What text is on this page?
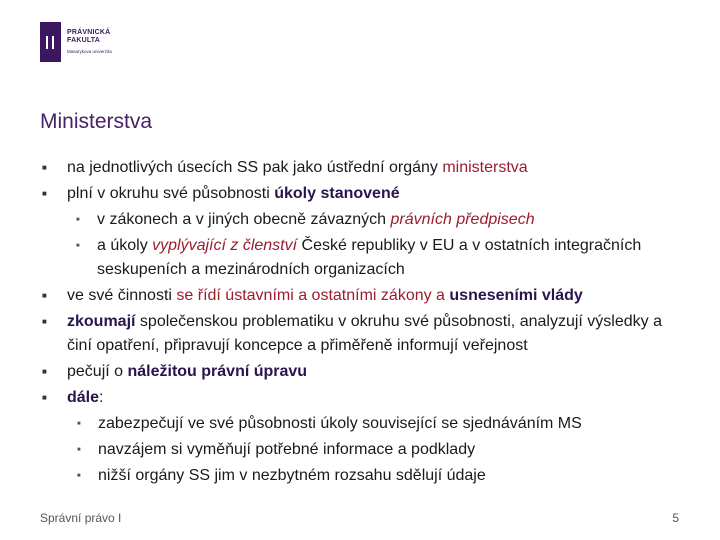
PRÁVNICKÁ
FAKULTA
Masarykova univerzita
Ministerstva
■ na jednotlivých úsecích SS pak jako ústřední orgány ministerstva
■ plní v okruhu své působnosti úkoly stanovené
■ v zákonech a v jiných obecně závazných právních předpisech
■ a úkoly vyplývající z členství České republiky v EU a v ostatních integračních seskupeních a mezinárodních organizacích
■ ve své činnosti se řídí ústavními a ostatními zákony a usneseními vlády
■ zkoumají společenskou problematiku v okruhu své působnosti, analyzují výsledky a činí opatření, připravují koncepce a přiměřeně informují veřejnost
■ pečují o náležitou právní úpravu
■ dále:
■ zabezpečují ve své působnosti úkoly související se sjednáváním MS
■ navzájem si vyměňují potřebné informace a podklady
■ nižší orgány SS jim v nezbytném rozsahu sdělují údaje
Správní právo I	5
